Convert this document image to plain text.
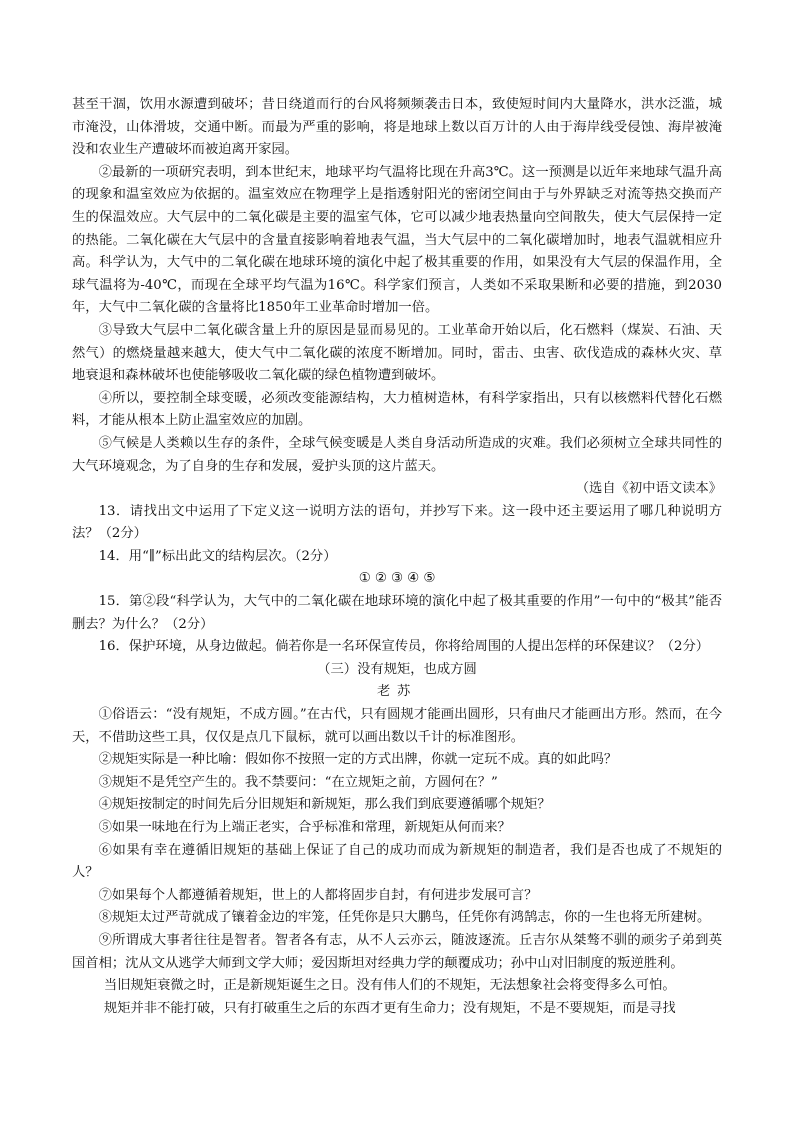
甚至干涸，饮用水源遭到破坏；昔日绕道而行的台风将频频袭击日本，致使短时间内大量降水，洪水泛滥，城市淹没，山体滑坡，交通中断。而最为严重的影响，将是地球上数以百万计的人由于海岸线受侵蚀、海岸被淹没和农业生产遭破坏而被迫离开家园。

②最新的一项研究表明，到本世纪末，地球平均气温将比现在升高3℃。这一预测是以近年来地球气温升高的现象和温室效应为依据的。温室效应在物理学上是指透射阳光的密闭空间由于与外界缺乏对流等热交换而产生的保温效应。大气层中的二氧化碳是主要的温室气体，它可以减少地表热量向空间散失，使大气层保持一定的热能。二氧化碳在大气层中的含量直接影响着地表气温，当大气层中的二氧化碳增加时，地表气温就相应升高。科学认为，大气中的二氧化碳在地球环境的演化中起了极其重要的作用，如果没有大气层的保温作用，全球气温将为-40℃，而现在全球平均气温为16℃。科学家们预言，人类如不采取果断和必要的措施，到2030年，大气中二氧化碳的含量将比1850年工业革命时增加一倍。

③导致大气层中二氧化碳含量上升的原因是显而易见的。工业革命开始以后，化石燃料（煤炭、石油、天然气）的燃烧量越来越大，使大气中二氧化碳的浓度不断增加。同时，雷击、虫害、砍伐造成的森林火灾、草地衰退和森林破坏也使能够吸收二氧化碳的绿色植物遭到破坏。

④所以，要控制全球变暖，必须改变能源结构，大力植树造林，有科学家指出，只有以核燃料代替化石燃料，才能从根本上防止温室效应的加剧。

⑤气候是人类赖以生存的条件，全球气候变暖是人类自身活动所造成的灾难。我们必须树立全球共同性的大气环境观念，为了自身的生存和发展，爱护头顶的这片蓝天。

（选自《初中语文读本》

13．请找出文中运用了下定义这一说明方法的语句，并抄写下来。这一段中还主要运用了哪几种说明方法？（2分）

14．用“∥”标出此文的结构层次。（2分）

① ② ③ ④ ⑤

15．第②段“科学认为，大气中的二氧化碳在地球环境的演化中起了极其重要的作用”一句中的“极其”能否删去？为什么？（2分）

16．保护环境，从身边做起。倘若你是一名环保宣传员，你将给周围的人提出怎样的环保建议？（2分）

（三）没有规矩，也成方圆

老苏

①俗语云：“没有规矩，不成方圆。”在古代，只有圆规才能画出圆形，只有曲尺才能画出方形。然而，在今天，不借助这些工具，仅仅是点几下鼠标，就可以画出数以千计的标准图形。

②规矩实际是一种比喻：假如你不按照一定的方式出牌，你就一定玩不成。真的如此吗？

③规矩不是凭空产生的。我不禁要问：“在立规矩之前，方圆何在？”

④规矩按制定的时间先后分旧规矩和新规矩，那么我们到底要遵循哪个规矩？

⑤如果一味地在行为上端正老实，合乎标准和常理，新规矩从何而来？

⑥如果有幸在遵循旧规矩的基础上保证了自己的成功而成为新规矩的制造者，我们是否也成了不规矩的人？

⑦如果每个人都遵循着规矩，世上的人都将固步自封，有何进步发展可言？

⑧规矩太过严苛就成了镶着金边的牢笼，任凭你是只大鹏鸟，任凭你有鸿鹄志，你的一生也将无所建树。

⑨所谓成大事者往往是智者。智者各有志，从不人云亦云，随波逐流。丘吉尔从桀骜不驯的顽劣子弟到英国首相；沈从文从逃学大师到文学大师；爱因斯坦对经典力学的颠覆成功；孙中山对旧制度的叛逆胜利。

当旧规矩衰微之时，正是新规矩诞生之日。没有伟人们的不规矩，无法想象社会将变得多么可怕。

规矩并非不能打破，只有打破重生之后的东西才更有生命力；没有规矩，不是不要规矩，而是寻找
